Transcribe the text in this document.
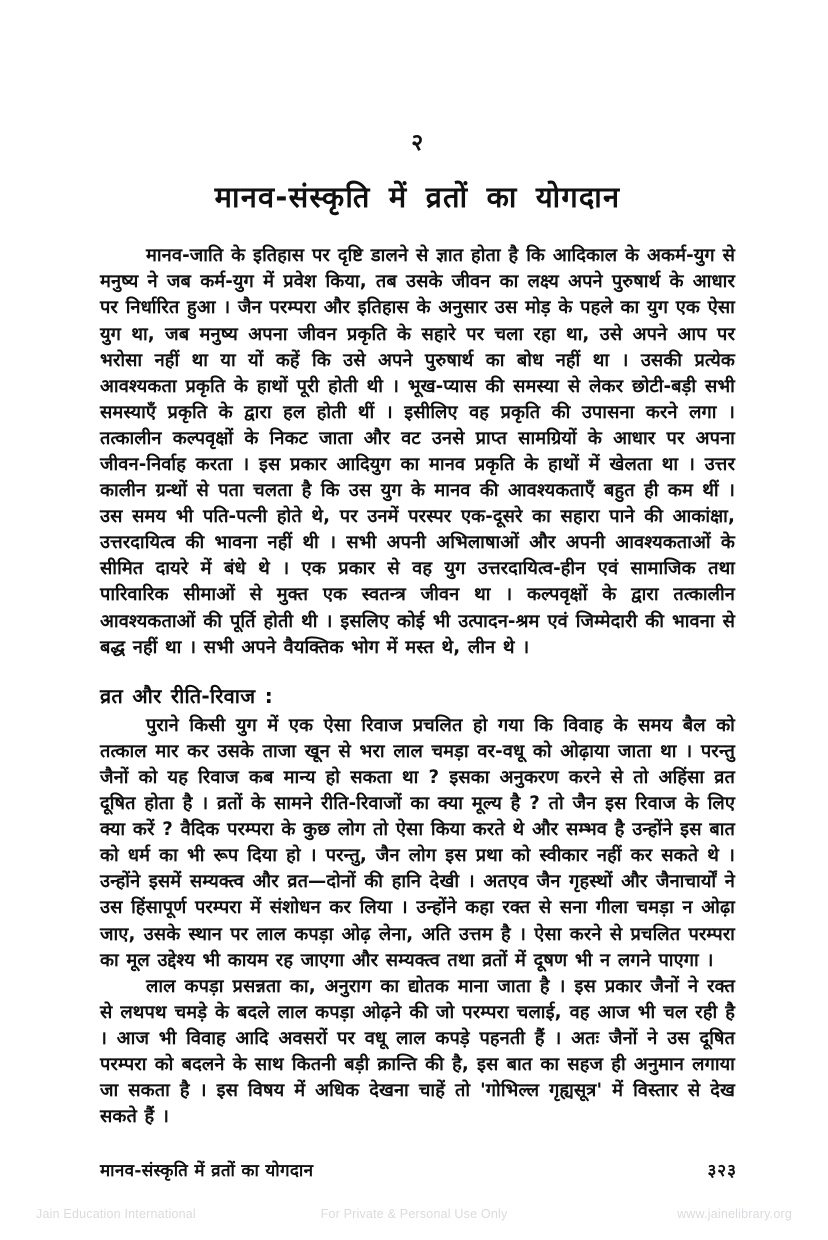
२
मानव-संस्कृति में व्रतों का योगदान

मानव-जाति के इतिहास पर दृष्टि डालने से ज्ञात होता है कि आदिकाल के अकर्म-युग से मनुष्य ने जब कर्म-युग में प्रवेश किया, तब उसके जीवन का लक्ष्य अपने पुरुषार्थ के आधार पर निर्धारित हुआ । जैन परम्परा और इतिहास के अनुसार उस मोड़ के पहले का युग एक ऐसा युग था, जब मनुष्य अपना जीवन प्रकृति के सहारे पर चला रहा था, उसे अपने आप पर भरोसा नहीं था या यों कहें कि उसे अपने पुरुषार्थ का बोध नहीं था । उसकी प्रत्येक आवश्यकता प्रकृति के हाथों पूरी होती थी । भूख-प्यास की समस्या से लेकर छोटी-बड़ी सभी समस्याएँ प्रकृति के द्वारा हल होती थीं । इसीलिए वह प्रकृति की उपासना करने लगा । तत्कालीन कल्पवृक्षों के निकट जाता और वट उनसे प्राप्त सामग्रियों के आधार पर अपना जीवन-निर्वाह करता । इस प्रकार आदियुग का मानव प्रकृति के हाथों में खेलता था । उत्तर कालीन ग्रन्थों से पता चलता है कि उस युग के मानव की आवश्यकताएँ बहुत ही कम थीं । उस समय भी पति-पत्नी होते थे, पर उनमें परस्पर एक-दूसरे का सहारा पाने की आकांक्षा, उत्तरदायित्व की भावना नहीं थी । सभी अपनी अभिलाषाओं और अपनी आवश्यकताओं के सीमित दायरे में बंधे थे । एक प्रकार से वह युग उत्तरदायित्व-हीन एवं सामाजिक तथा पारिवारिक सीमाओं से मुक्त एक स्वतन्त्र जीवन था । कल्पवृक्षों के द्वारा तत्कालीन आवश्यकताओं की पूर्ति होती थी । इसलिए कोई भी उत्पादन-श्रम एवं जिम्मेदारी की भावना से बद्ध नहीं था । सभी अपने वैयक्तिक भोग में मस्त थे, लीन थे ।

व्रत और रीति-रिवाज :

पुराने किसी युग में एक ऐसा रिवाज प्रचलित हो गया कि विवाह के समय बैल को तत्काल मार कर उसके ताजा खून से भरा लाल चमड़ा वर-वधू को ओढ़ाया जाता था । परन्तु जैनों को यह रिवाज कब मान्य हो सकता था ? इसका अनुकरण करने से तो अहिंसा व्रत दूषित होता है । व्रतों के सामने रीति-रिवाजों का क्या मूल्य है ? तो जैन इस रिवाज के लिए क्या करें ? वैदिक परम्परा के कुछ लोग तो ऐसा किया करते थे और सम्भव है उन्होंने इस बात को धर्म का भी रूप दिया हो । परन्तु, जैन लोग इस प्रथा को स्वीकार नहीं कर सकते थे । उन्होंने इसमें सम्यक्त्व और व्रत—दोनों की हानि देखी । अतएव जैन गृहस्थों और जैनाचार्यों ने उस हिंसापूर्ण परम्परा में संशोधन कर लिया । उन्होंने कहा रक्त से सना गीला चमड़ा न ओढ़ा जाए, उसके स्थान पर लाल कपड़ा ओढ़ लेना, अति उत्तम है । ऐसा करने से प्रचलित परम्परा का मूल उद्देश्य भी कायम रह जाएगा और सम्यक्त्व तथा व्रतों में दूषण भी न लगने पाएगा ।

लाल कपड़ा प्रसन्नता का, अनुराग का द्योतक माना जाता है । इस प्रकार जैनों ने रक्त से लथपथ चमड़े के बदले लाल कपड़ा ओढ़ने की जो परम्परा चलाई, वह आज भी चल रही है । आज भी विवाह आदि अवसरों पर वधू लाल कपड़े पहनती हैं । अतः जैनों ने उस दूषित परम्परा को बदलने के साथ कितनी बड़ी क्रान्ति की है, इस बात का सहज ही अनुमान लगाया जा सकता है । इस विषय में अधिक देखना चाहें तो 'गोभिल्ल गृह्यसूत्र' में विस्तार से देख सकते हैं ।

मानव-संस्कृति में व्रतों का योगदान	३२३
Jain Education International	For Private & Personal Use Only	www.jainelibrary.org
